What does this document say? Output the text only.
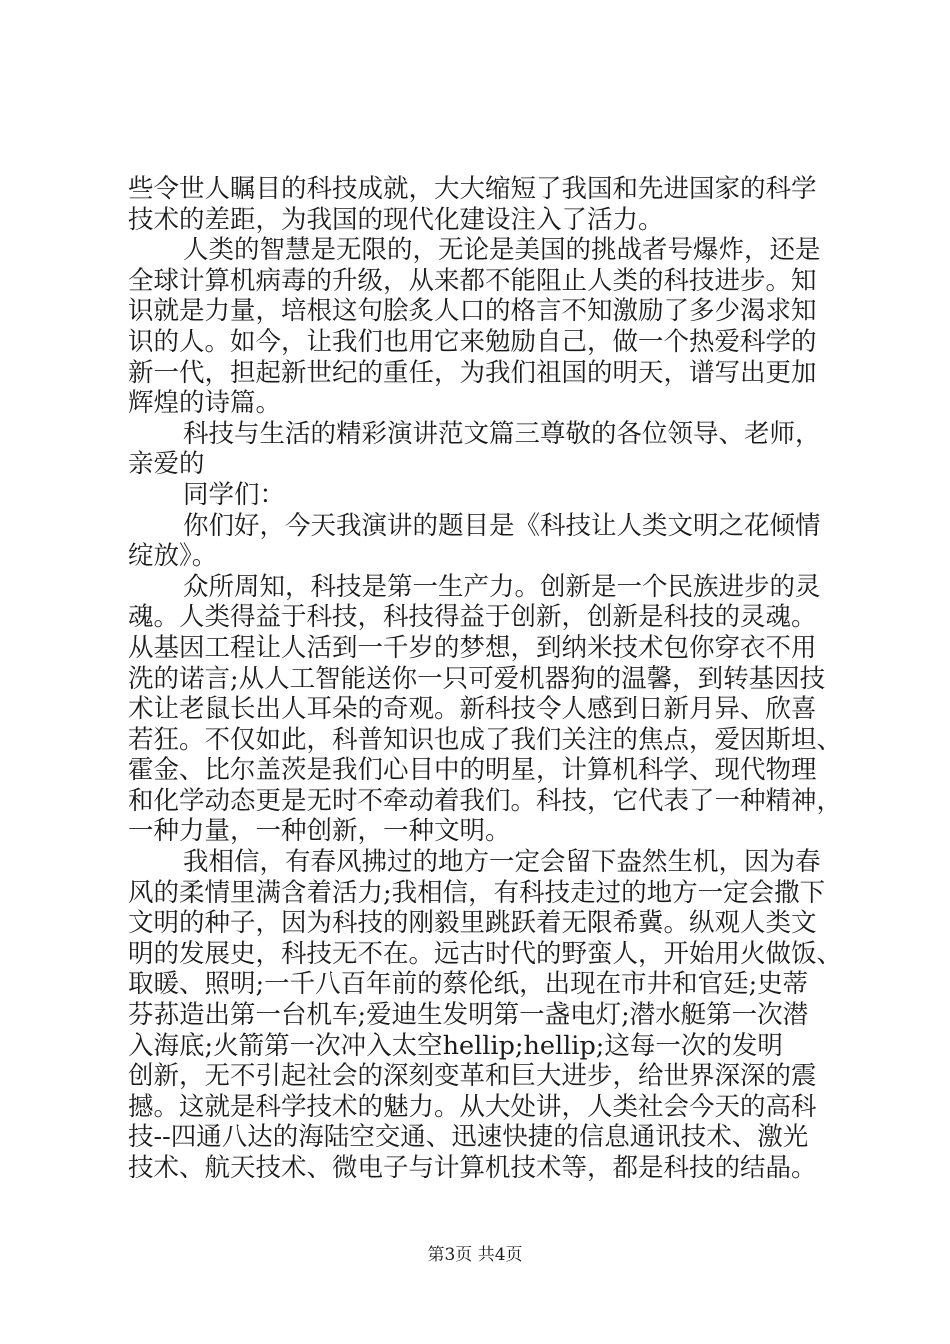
些令世人瞩目的科技成就，大大缩短了我国和先进国家的科学
技术的差距，为我国的现代化建设注入了活力。
人类的智慧是无限的，无论是美国的挑战者号爆炸，还是
全球计算机病毒的升级，从来都不能阻止人类的科技进步。知
识就是力量，培根这句脍炙人口的格言不知激励了多少渴求知
识的人。如今，让我们也用它来勉励自己，做一个热爱科学的
新一代，担起新世纪的重任，为我们祖国的明天，谱写出更加
辉煌的诗篇。
科技与生活的精彩演讲范文篇三尊敬的各位领导、老师，
亲爱的
同学们：
你们好，今天我演讲的题目是《科技让人类文明之花倾情
绽放》。
众所周知，科技是第一生产力。创新是一个民族进步的灵
魂。人类得益于科技，科技得益于创新，创新是科技的灵魂。
从基因工程让人活到一千岁的梦想，到纳米技术包你穿衣不用
洗的诺言;从人工智能送你一只可爱机器狗的温馨，到转基因技
术让老鼠长出人耳朵的奇观。新科技令人感到日新月异、欣喜
若狂。不仅如此，科普知识也成了我们关注的焦点，爱因斯坦、
霍金、比尔盖茨是我们心目中的明星，计算机科学、现代物理
和化学动态更是无时不牵动着我们。科技，它代表了一种精神，
一种力量，一种创新，一种文明。
我相信，有春风拂过的地方一定会留下盎然生机，因为春
风的柔情里满含着活力;我相信，有科技走过的地方一定会撒下
文明的种子，因为科技的刚毅里跳跃着无限希冀。纵观人类文
明的发展史，科技无不在。远古时代的野蛮人，开始用火做饭、
取暖、照明;一千八百年前的蔡伦纸，出现在市井和官廷;史蒂
芬荪造出第一台机车;爱迪生发明第一盏电灯;潜水艇第一次潜
入海底;火箭第一次冲入太空hellip;hellip;这每一次的发明
创新，无不引起社会的深刻变革和巨大进步，给世界深深的震
撼。这就是科学技术的魅力。从大处讲，人类社会今天的高科
技--四通八达的海陆空交通、迅速快捷的信息通讯技术、激光
技术、航天技术、微电子与计算机技术等，都是科技的结晶。
第3页 共4页
